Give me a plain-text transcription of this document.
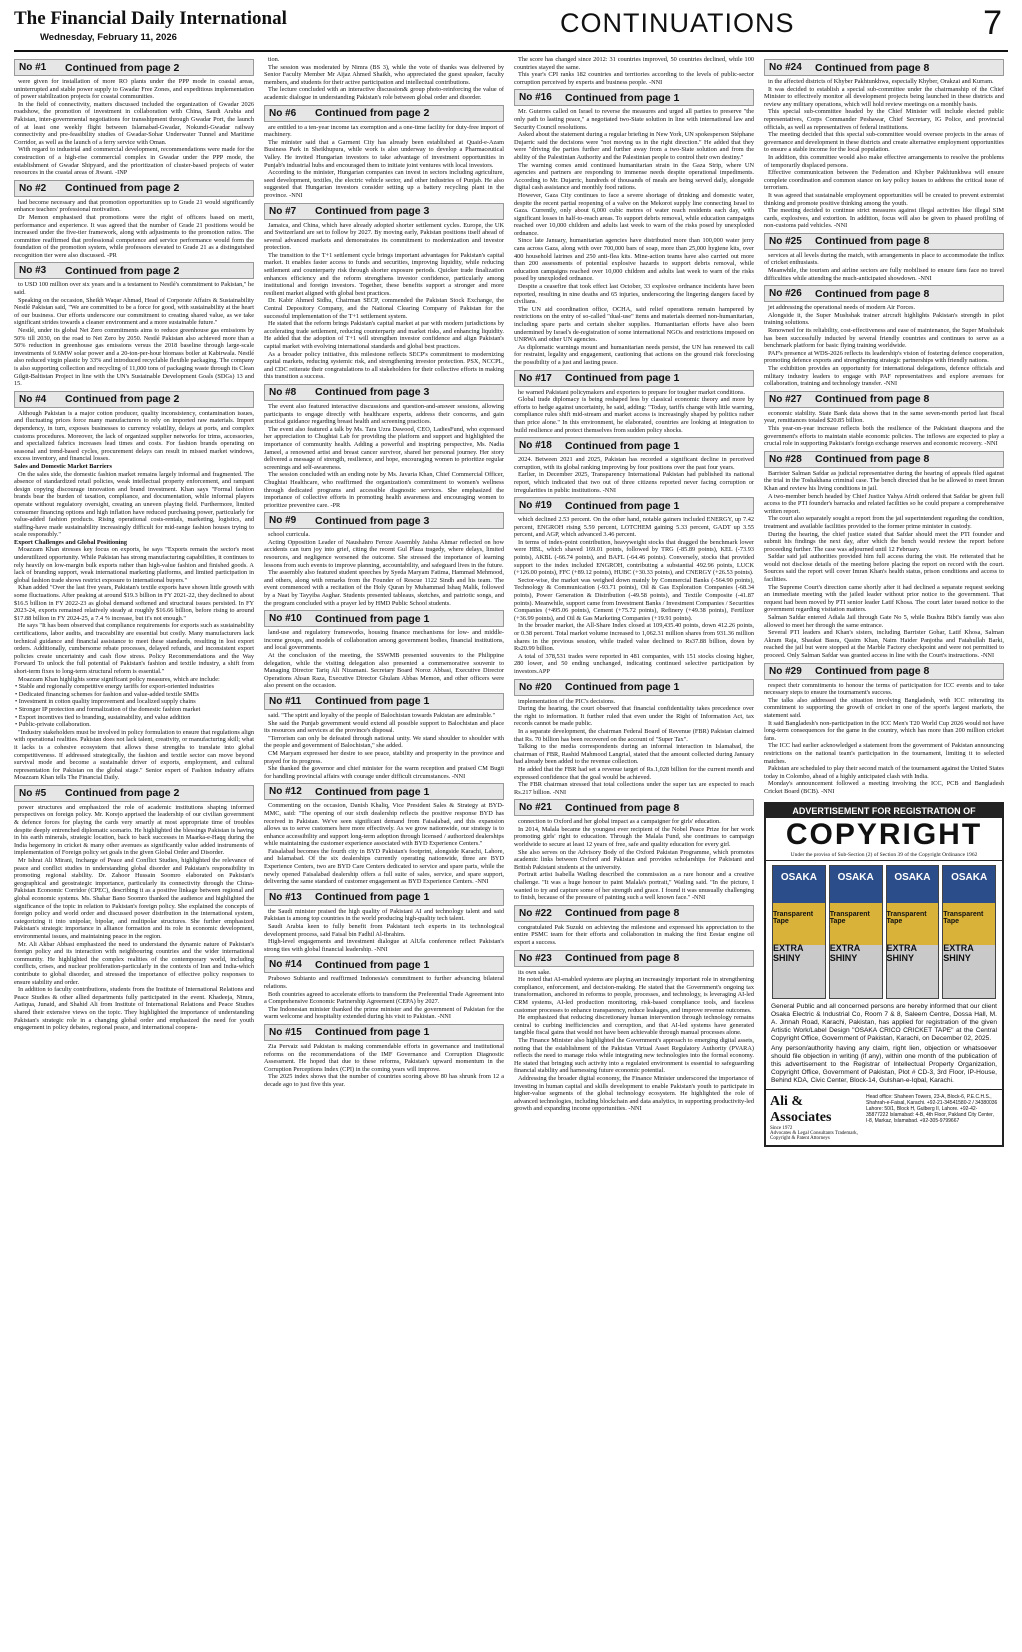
The Financial Daily International
Wednesday, February 11, 2026	CONTINUATIONS	7
No #1	Continued from page 2

were given for installation of more RO plants under the PPP mode in coastal areas, uninterrupted and stable power supply to Gwadar Free Zones, and expeditious implementation of power stabilization projects for coastal communities.

In the field of connectivity, matters discussed included the organization of Gwadar 2026 roadshow, the promotion of investment in collaboration with China, Saudi Arabia and Pakistan, inter-governmental negotiations for transshipment through Gwadar Port, the launch of at least one weekly flight between Islamabad-Gwadar, Nokundi-Gwadar railway connectivity and pre-feasibility studies of Gwadar-Sohar Underwater Tunnel and Maritime Corridor, as well as the launch of a ferry service with Oman.

With regard to industrial and commercial development, recommendations were made for the construction of a high-rise commercial complex in Gwadar under the PPP mode, the establishment of Gwadar Shipyard, and the prioritization of cluster-based projects of water resources in the coastal areas of Jiwani. -INP

No #2	Continued from page 2

had become necessary and that promotion opportunities up to Grade 21 would significantly enhance teachers' professional motivation.

Dr Memon emphasised that promotions were the right of officers based on merit, performance and experience. It was agreed that the number of Grade 21 positions would be increased under the five-tier framework, along with adjustments to the promotion ratios. The committee reaffirmed that professional competence and service performance would form the foundation of the promotion system, while professors elevated to Grade 21 as a distinguished recognition tier were also discussed. -PR

No #3	Continued from page 2

to USD 100 million over six years and is a testament to Nestlé's commitment to Pakistan," he said.

Speaking on the occasion, Sheikh Waqar Ahmad, Head of Corporate Affairs & Sustainability Nestlé Pakistan said, "We are committed to be a force for good, with sustainability at the heart of our business. Our efforts underscore our commitment to creating shared value, as we take significant strides towards a cleaner environment and a more sustainable future."

Nestlé, under its global Net Zero commitments aims to reduce greenhouse gas emissions by 50% till 2030, on the road to Net Zero by 2050. Nestlé Pakistan also achieved more than a 50% reduction in greenhouse gas emissions versus the 2018 baseline through large-scale investments of 9.6MW solar power and a 20-ton-per-hour biomass boiler at Kabirwala. Nestlé also reduced virgin plastic by 33% and introduced recyclable flexible packaging. The company is also supporting collection and recycling of 11,000 tons of packaging waste through its Clean Gilgit-Baltistan Project in line with the UN's Sustainable Development Goals (SDGs) 13 and 15.

No #4	Continued from page 2

Although Pakistan is a major cotton producer, quality inconsistency, contamination issues, and fluctuating prices force many manufacturers to rely on imported raw materials. Import dependency, in turn, exposes businesses to currency volatility, delays at ports, and complex customs procedures. Moreover, the lack of organized supplier networks for trims, accessories, and specialized fabrics increases lead times and costs. For fashion brands operating on seasonal and trend-based cycles, procurement delays can result in missed market windows, excess inventory, and financial losses.

Sales and Domestic Market Barriers

On the sales side, the domestic fashion market remains largely informal and fragmented. The absence of standardized retail policies, weak intellectual property enforcement, and rampant design copying discourage innovation and brand investment. Khan says "Formal fashion brands bear the burden of taxation, compliance, and documentation, while informal players operate without regulatory oversight, creating an uneven playing field. Furthermore, limited consumer financing options and high inflation have reduced purchasing power, particularly for value-added fashion products. Rising operational costs-rentals, marketing, logistics, and staffing-have made sustainability increasingly difficult for mid-range fashion houses trying to scale responsibly."

Export Challenges and Global Positioning

Moazzam Khan stresses key focus on exports, he says "Exports remain the sector's most underutilized opportunity. While Pakistan has strong manufacturing capabilities, it continues to rely heavily on low-margin bulk exports rather than high-value fashion and finished goods. A lack of branding support, weak international marketing platforms, and limited participation in global fashion trade shows restrict exposure to international buyers."

Khan added "Over the last five years, Pakistan's textile exports have shown little growth with some fluctuations. After peaking at around $19.3 billion in FY 2021-22, they declined to about $16.5 billion in FY 2022-23 as global demand softened and structural issues persisted. In FY 2023-24, exports remained relatively steady at roughly $16.66 billion, before rising to around $17.88 billion in FY 2024-25, a 7.4 % increase, but it's not enough."

He says "It has been observed that compliance requirements for exports such as sustainability certifications, labor audits, and traceability are essential but costly. Many manufacturers lack technical guidance and financial assistance to meet these standards, resulting in lost export orders. Additionally, cumbersome rebate processes, delayed refunds, and inconsistent export policies create uncertainty and cash flow stress. Policy Recommendations and the Way Forward To unlock the full potential of Pakistan's fashion and textile industry, a shift from short-term fixes to long-term structural reform is essential."

Moazzam Khan highlights some significant policy measures, which are include:

• Stable and regionally competitive energy tariffs for export-oriented industries

• Dedicated financing schemes for fashion and value-added textile SMEs

• Investment in cotton quality improvement and localized supply chains

• Stronger IP protection and formalization of the domestic fashion market

• Export incentives tied to branding, sustainability, and value addition

• Public-private collaboration.

"Industry stakeholders must be involved in policy formulation to ensure that regulations align with operational realities. Pakistan does not lack talent, creativity, or manufacturing skill; what it lacks is a cohesive ecosystem that allows these strengths to translate into global competitiveness. If addressed strategically, the fashion and textile sector can move beyond survival mode and become a sustainable driver of exports, employment, and cultural representation for Pakistan on the global stage." Senior expert of Fashion industry affairs Moazzam Khan tells The Financial Daily.

No #5	Continued from page 2

power structures and emphasized the role of academic institutions shaping informed perspectives on foreign policy. Mr. Korejo apprised the leadership of our civilian government & defence forces for playing the cards very smartly at most appropriate time of troubles despite deeply entrenched diplomatic scenario. He highlighted the blessings Pakistan is having in his earth minerals, strategic location, back to back successes in Maarka-e-Haqq during the India hegemony in cricket & many other avenues as significantly value added instruments of implementation of Foreign policy set goals in the given Global Order and Disorder.

Mr Ishrat Ali Mirani, Incharge of Peace and Conflict Studies, highlighted the relevance of peace and conflict studies in understanding global disorder and Pakistan's responsibility in promoting regional stability. Dr. Zahoor Hussain Soomro elaborated on Pakistan's geographical and geostrategic importance, particularly its connectivity through the China-Pakistan Economic Corridor (CPEC), describing it as a positive linkage between regional and global economic systems. Ms. Shahar Bano Soomro thanked the audience and highlighted the significance of the topic in relation to Pakistan's foreign policy. She explained the concepts of foreign policy and world order and discussed power distribution in the international system, categorizing it into unipolar, bipolar, and multipolar structures. She further emphasized Pakistan's strategic importance in alliance formation and its role in economic development, environmental issues, and maintaining peace in the region.

Mr. Ali Akbar Abbasi emphasized the need to understand the dynamic nature of Pakistan's foreign policy and its interaction with neighbouring countries and the wider international community. He highlighted the complex realities of the contemporary world, including conflicts, crises, and nuclear proliferation-particularly in the contexts of Iran and India-which contribute to global disorder, and stressed the importance of effective policy responses to ensure stability and order.

In addition to faculty contributions, students from the Institute of International Relations and Peace Studies & other allied departments fully participated in the event. Khadeeja, Nimra, Aatiqua, Junaid, and Shahid Ali from Institute of International Relations and Peace Studies shared their extensive views on the topic. They highlighted the importance of understanding Pakistan's strategic role in a changing global order and emphasized the need for youth engagement in policy debates, regional peace, and international coopera-

tion.

The session was moderated by Nimra (BS 3), while the vote of thanks was delivered by Senior Faculty Member Mr Aijaz Ahmed Shaikh, who appreciated the guest speaker, faculty members, and students for their active participation and intellectual contributions.

The lecture concluded with an interactive discussion& group photo-reinforcing the value of academic dialogue in understanding Pakistan's role between global order and disorder.

No #6	Continued from page 2

are entitled to a ten-year income tax exemption and a one-time facility for duty-free import of machinery.

The minister said that a Garment City has already been established at Quaid-e-Azam Business Park in Sheikhupura, while work is also underway to develop a Pharmaceutical Valley. He invited Hungarian investors to take advantage of investment opportunities in Punjab's industrial hubs and encouraged them to initiate joint ventures with local investors.

According to the minister, Hungarian companies can invest in sectors including agriculture, seed development, textiles, the electric vehicle sector, and other industries of Punjab. He also suggested that Hungarian investors consider setting up a battery recycling plant in the province. -NNI

No #7	Continued from page 3

Jamaica, and China, which have already adopted shorter settlement cycles. Europe, the UK and Switzerland are set to follow by 2027. By moving early, Pakistan positions itself ahead of several advanced markets and demonstrates its commitment to modernization and investor protection.

The transition to the T+1 settlement cycle brings important advantages for Pakistan's capital market. It enables faster access to funds and securities, improving liquidity, while reducing settlement and counterparty risk through shorter exposure periods. Quicker trade finalization enhances efficiency and the reform strengthens investor confidence, particularly among institutional and foreign investors. Together, these benefits support a stronger and more resilient market aligned with global best practices.

Dr. Kabir Ahmed Sidhu, Chairman SECP, commended the Pakistan Stock Exchange, the Central Depository Company, and the National Clearing Company of Pakistan for the successful implementation of the T+1 settlement system.

He stated that the reform brings Pakistan's capital market at par with modern jurisdictions by accelerating trade settlement, reducing counterparty and market risks, and enhancing liquidity. He added that the adoption of T+1 will strengthen investor confidence and align Pakistan's capital market with evolving international standards and global best practices.

As a broader policy initiative, this milestone reflects SECP's commitment to modernizing capital markets, reducing systemic risk, and strengthening investor protection. PSX, NCCPL, and CDC reiterate their congratulations to all stakeholders for their collective efforts in making this transition a success.

No #8	Continued from page 3

The event also featured interactive discussions and question-and-answer sessions, allowing participants to engage directly with healthcare experts, address their concerns, and gain practical guidance regarding breast health and screening practices.

The event also featured a talk by Ms. Tara Uzra Dawood, CEO, LadiesFund, who expressed her appreciation to Chughtai Lab for providing the platform and support and highlighted the importance of community health. Adding a powerful and inspiring perspective, Ms. Nadia Jameel, a renowned artist and breast cancer survivor, shared her personal journey. Her story delivered a message of strength, resilience, and hope, encouraging women to prioritize regular screenings and self-awareness.

The session concluded with an ending note by Ms. Javaria Khan, Chief Commercial Officer, Chughtai Healthcare, who reaffirmed the organization's commitment to women's wellness through dedicated programs and accessible diagnostic services. She emphasized the importance of collective efforts in promoting health awareness and encouraging women to prioritize preventive care. -PR

No #9	Continued from page 3

school curricula.

Acting Opposition Leader of Naushahro Feroze Assembly Jaisha Ahmar reflected on how accidents can turn joy into grief, citing the recent Gul Plaza tragedy, where delays, limited resources, and negligence worsened the outcome. She stressed the importance of learning lessons from such events to improve planning, accountability, and safeguard lives in the future.

The assembly also featured student speeches by Syeda Maryam Fatima, Hammad Mehmood, and others, along with remarks from the Founder of Rescue 1122 Sindh and his team. The event commenced with a recitation of the Holy Quran by Muhammad Ishaq Malik, followed by a Naat by Tayyiba Asghar. Students presented tableaus, sketches, and patriotic songs, and the program concluded with a prayer led by HMD Public School students.

No #10	Continued from page 1

land-use and regulatory frameworks, housing finance mechanisms for low- and middle-income groups, and models of collaboration among government bodies, financial institutions, and local governments.

At the conclusion of the meeting, the SSWMB presented souvenirs to the Philippine delegation, while the visiting delegation also presented a commemorative souvenir to Managing Director Tariq Ali Nizamani. Secretary Board Noroz Abbasi, Executive Director Operations Ahsan Raza, Executive Director Ghulam Abbas Memon, and other officers were also present on the occasion.

No #11	Continued from page 1

said. "The spirit and loyalty of the people of Balochistan towards Pakistan are admirable."

She said the Punjab government would extend all possible support to Balochistan and place its resources and services at the province's disposal.

"Terrorism can only be defeated through national unity. We stand shoulder to shoulder with the people and government of Balochistan," she added.

CM Maryam expressed her desire to see peace, stability and prosperity in the province and prayed for its progress.

She thanked the governor and chief minister for the warm reception and praised CM Bugti for handling provincial affairs with courage under difficult circumstances. -NNI

No #12	Continued from page 1

Commenting on the occasion, Danish Khaliq, Vice President Sales & Strategy at BYD-MMC, said: "The opening of our sixth dealership reflects the positive response BYD has received in Pakistan. We've seen significant demand from Faisalabad, and this expansion allows us to serve customers here more effectively. As we grow nationwide, our strategy is to enhance accessibility and support long-term adoption through licensed / authorized dealerships while maintaining the customer experience associated with BYD Experience Centers."

Faisalabad becomes the fourth city in BYD Pakistan's footprint, alongside Karachi, Lahore, and Islamabad. Of the six dealerships currently operating nationwide, three are BYD Experience Centers, two are BYD Care Centers dedicated to service and spare parts, while the newly opened Faisalabad dealership offers a full suite of sales, service, and spare support, delivering the same standard of customer engagement as BYD Experience Centers. -NNI

No #13	Continued from page 1

the Saudi minister praised the high quality of Pakistani AI and technology talent and said Pakistan is among top countries in the world producing high-quality tech talent.

Saudi Arabia keen to fully benefit from Pakistani tech experts in its technological development process, said Faisal bin Fadhil Al-Ibrahim.

High-level engagements and investment dialogue at AlUla conference reflect Pakistan's strong ties with global financial leadership. -NNI

No #14	Continued from page 1

Prabowo Subianto and reaffirmed Indonesia's commitment to further advancing bilateral relations.

Both countries agreed to accelerate efforts to transform the Preferential Trade Agreement into a Comprehensive Economic Partnership Agreement (CEPA) by 2027.

The Indonesian minister thanked the prime minister and the government of Pakistan for the warm welcome and hospitality extended during his visit to Pakistan. -NNI

No #15	Continued from page 1

Zia Pervaiz said Pakistan is making commendable efforts in governance and institutional reforms on the recommendations of the IMF Governance and Corruption Diagnostic Assessment. He hoped that due to these reforms, Pakistan's upward momentum in the Corruption Perceptions Index (CPI) in the coming years will improve.

The 2025 index shows that the number of countries scoring above 80 has shrunk from 12 a decade ago to just five this year.

The score has changed since 2012: 31 countries improved, 50 countries declined, while 100 countries stayed the same.

This year's CPI ranks 182 countries and territories according to the levels of public-sector corruption perceived by experts and business people. -NNI

No #16	Continued from page 1

Mr. Guterres called on Israel to reverse the measures and urged all parties to preserve "the only path to lasting peace," a negotiated two-State solution in line with international law and Security Council resolutions.

Asked about the statement during a regular briefing in New York, UN spokesperson Stéphane Dujarric said the decisions were "not moving us in the right direction." He added that they were "driving the parties further and further away from a two-State solution and from the ability of the Palestinian Authority and the Palestinian people to control their own destiny."

The warning comes amid continued humanitarian strain in the Gaza Strip, where UN agencies and partners are responding to immense needs despite operational impediments. According to Mr. Dujarric, hundreds of thousands of meals are being served daily, alongside digital cash assistance and monthly food rations.

However, Gaza City continues to face a severe shortage of drinking and domestic water, despite the recent partial reopening of a valve on the Mekorot supply line connecting Israel to Gaza. Currently, only about 6,000 cubic metres of water reach residents each day, with significant losses in half-to-reach areas. To support debris removal, while education campaigns reached over 10,000 children and adults last week to warn of the risks posed by unexploded ordnance.

Since late January, humanitarian agencies have distributed more than 100,000 water jerry cans across Gaza, along with over 700,000 bars of soap, more than 25,000 hygiene kits, over 400 household latrines and 250 anti-flea kits. Mine-action teams have also carried out more than 200 assessments of potential explosive hazards to support debris removal, while education campaigns reached over 10,000 children and adults last week to warn of the risks posed by unexploded ordnance.

Despite a ceasefire that took effect last October, 33 explosive ordnance incidents have been reported, resulting in nine deaths and 65 injuries, underscoring the lingering dangers faced by civilians.

The UN aid coordination office, OCHA, said relief operations remain hampered by restrictions on the entry of so-called "dual-use" items and materials deemed non-humanitarian, including spare parts and certain shelter supplies. Humanitarian efforts have also been undermined by Israel's de-registration of some international NGOs and restrictions imposed on UNRWA and other UN agencies.

As diplomatic warnings mount and humanitarian needs persist, the UN has renewed its call for restraint, legality and engagement, cautioning that actions on the ground risk foreclosing the possibility of a just and lasting peace.

No #17	Continued from page 1

he warned Pakistani policymakers and exporters to prepare for tougher market conditions.

Global trade diplomacy is being reshaped less by classical economic theory and more by efforts to hedge against uncertainty, he said, adding: "Today, tariffs change with little warning, compliance rules shift mid-stream and market access is increasingly shaped by politics rather than price alone." In this environment, he elaborated, countries are looking at integration to build resilience and protect themselves from sudden policy shocks.

No #18	Continued from page 1

2024. Between 2021 and 2025, Pakistan has recorded a significant decline in perceived corruption, with its global ranking improving by four positions over the past four years.

Earlier, in December 2025, Transparency International Pakistan had published its national report, which indicated that two out of three citizens reported never facing corruption or irregularities in public institutions. -NNI

No #19	Continued from page 1

which declined 2.53 percent. On the other hand, notable gainers included ENERGY, up 7.42 percent, ENGROH rising 5.59 percent, LOTCHEM gaining 5.33 percent, GADT up 3.55 percent, and AGP, which advanced 3.46 percent.

In terms of index-point contribution, heavyweight stocks that dragged the benchmark lower were HBL, which shaved 169.01 points, followed by TRG (-85.89 points), KEL (-73.93 points), AKBL (-66.74 points), and BAFL (-64.46 points). Conversely, stocks that provided support to the index included ENGROH, contributing a substantial 492.96 points, LUCK (+126.00 points), FFC (+89.12 points), HUBC (+30.33 points), and CNERGY (+26.53 points).

Sector-wise, the market was weighed down mainly by Commercial Banks (-564.90 points), Technology & Communication (-93.71 points), Oil & Gas Exploration Companies (-68.34 points), Power Generation & Distribution (-49.58 points), and Textile Composite (-41.87 points). Meanwhile, support came from Investment Banks / Investment Companies / Securities Companies (+495.06 points), Cement (+75.72 points), Refinery (+49.38 points), Fertilizer (+36.99 points), and Oil & Gas Marketing Companies (+19.91 points).

In the broader market, the All-Share Index closed at 109,435.40 points, down 412.26 points, or 0.38 percent. Total market volume increased to 1,062.31 million shares from 931.36 million shares in the previous session, while traded value declined to Rs37.88 billion, down by Rs20.99 billion.

A total of 378,531 trades were reported in 481 companies, with 151 stocks closing higher, 280 lower, and 50 ending unchanged, indicating continued selective participation by investors.APP

No #20	Continued from page 1

implementation of the PIC's decisions.

During the hearing, the court observed that financial confidentiality takes precedence over the right to information. It further ruled that even under the Right of Information Act, tax records cannot be made public.

In a separate development, the chairman Federal Board of Revenue (FBR) Pakistan claimed that Rs. 70 billion has been recovered on the account of "Super Tax".

Talking to the media correspondents during an informal interaction in Islamabad, the chairman of FBR, Rashid Mahmood Langrial, stated that the amount collected during January had already been added to the revenue collection.

He added that the FBR had set a revenue target of Rs.1,028 billion for the current month and expressed confidence that the goal would be achieved.

The FBR chairman stressed that total collections under the super tax are expected to reach Rs.217 billion. -NNI

No #21	Continued from page 8

connection to Oxford and her global impact as a campaigner for girls' education.

In 2014, Malala became the youngest ever recipient of the Nobel Peace Prize for her work promoting girls' right to education. Through the Malala Fund, she continues to campaign worldwide to secure at least 12 years of free, safe and quality education for every girl.

She also serves on the Advisory Body of the Oxford Pakistan Programme, which promotes academic links between Oxford and Pakistan and provides scholarships for Pakistani and British Pakistani students at the university.

Portrait artist Isabella Watling described the commission as a rare honour and a creative challenge. "It was a huge honour to paint Malala's portrait," Watling said. "In the picture, I wanted to try and capture some of her strength and grace. I found it was unusually challenging to finish, because of the pressure of painting such a well known face." -NNI

No #22	Continued from page 8

congratulated Pak Suzuki on achieving the milestone and expressed his appreciation to the entire PSMC team for their efforts and collaboration in making the first Eestar engine oil export a success.

No #23	Continued from page 8

its own sake.

He noted that AI-enabled systems are playing an increasingly important role in strengthening compliance, enforcement, and decision-making. He stated that the Government's ongoing tax transformation, anchored in reforms to people, processes, and technology, is leveraging AI-led CRM systems, AI-led production monitoring, risk-based compliance tools, and faceless customer processes to enhance transparency, reduce leakages, and improve revenue outcomes.

He emphasized that reducing discretionary human intervention through technology remains central to curbing inefficiencies and corruption, and that AI-led systems have generated tangible fiscal gains that would not have been achievable through manual processes alone.

The Finance Minister also highlighted the Government's approach to emerging digital assets, noting that the establishment of the Pakistan Virtual Asset Regulatory Authority (PVARA) reflects the need to manage risks while integrating new technologies into the formal economy. He stated that bringing such activity into a regulated environment is essential to safeguarding financial stability and harnessing future economic potential.

Addressing the broader digital economy, the Finance Minister underscored the importance of investing in human capital and skills development to enable Pakistan's youth to participate in higher-value segments of the global technology ecosystem. He highlighted the role of advanced technologies, including blockchain and data analytics, in supporting productivity-led growth and expanding income opportunities. -NNI

No #24	Continued from page 8

in the affected districts of Khyber Pakhtunkhwa, especially Khyber, Orakzai and Kurram.

It was decided to establish a special sub-committee under the chairmanship of the Chief Minister to effectively monitor all development projects being launched in these districts and review any military operations, which will hold review meetings on a monthly basis.

This special sub-committee headed by the Chief Minister will include elected public representatives, Corps Commander Peshawar, Chief Secretary, IG Police, and provincial officials, as well as representatives of federal institutions.

The meeting decided that this special sub-committee would oversee projects in the areas of governance and development in these districts and create alternative employment opportunities to ensure a stable income for the local population.

In addition, this committee would also make effective arrangements to resolve the problems of temporarily displaced persons.

Effective communication between the Federation and Khyber Pakhtunkhwa will ensure complete coordination and common stance on key policy issues to address the critical issue of terrorism.

It was agreed that sustainable employment opportunities will be created to prevent extremist thinking and promote positive thinking among the youth.

The meeting decided to continue strict measures against illegal activities like illegal SIM cards, explosives, and extortion. In addition, focus will also be given to phased profiling of non-customs paid vehicles. -NNI

No #25	Continued from page 8

services at all levels during the match, with arrangements in place to accommodate the influx of cricket enthusiasts.

Meanwhile, the tourism and airline sectors are fully mobilised to ensure fans face no travel difficulties while attending the much-anticipated showdown. -NNI

No #26	Continued from page 8

jet addressing the operational needs of modern Air Forces.

Alongside it, the Super Mushshak trainer aircraft highlights Pakistan's strength in pilot training solutions.

Renowned for its reliability, cost-effectiveness and ease of maintenance, the Super Mushshak has been successfully inducted by several friendly countries and continues to serve as a benchmark platform for basic flying training worldwide.

PAF's presence at WDS-2026 reflects its leadership's vision of fostering defence cooperation, promoting defence exports and strengthening strategic partnerships with friendly nations.

The exhibition provides an opportunity for international delegations, defence officials and military industry leaders to engage with PAF representatives and explore avenues for collaboration, training and technology transfer. -NNI

No #27	Continued from page 8

economic stability. State Bank data shows that in the same seven-month period last fiscal year, remittances totaled $20.85 billion.

This year-on-year increase reflects both the resilience of the Pakistani diaspora and the government's efforts to maintain stable economic policies. The inflows are expected to play a crucial role in supporting Pakistan's foreign exchange reserves and economic recovery. -NNI

No #28	Continued from page 8

Barrister Salman Safdar as judicial representative during the hearing of appeals filed against the trial in the Toshakhana criminal case. The bench directed that he be allowed to meet Imran Khan and review his living conditions in jail.

A two-member bench headed by Chief Justice Yahya Afridi ordered that Safdar be given full access to the PTI founder's barracks and related facilities so he could prepare a comprehensive written report.

The court also separately sought a report from the jail superintendent regarding the condition, treatment and available facilities provided to the former prime minister in custody.

During the hearing, the chief justice stated that Safdar should meet the PTI founder and submit his findings the next day, after which the bench would review the report before proceeding further. The case was adjourned until 12 February.

Safdar said jail authorities provided him full access during the visit. He reiterated that he would not disclose details of the meeting before placing the report on record with the court. Sources said the report will cover Imran Khan's health status, prison conditions and access to facilities.

The Supreme Court's direction came shortly after it had declined a separate request seeking an immediate meeting with the jailed leader without prior notice to the government. That request had been moved by PTI senior leader Latif Khosa. The court later issued notice to the government regarding visitation matters.

Salman Safdar entered Adiala Jail through Gate No 5, while Bushra Bibi's family was also allowed to meet her through the same entrance.

Several PTI leaders and Khan's sisters, including Barrister Gohar, Latif Khosa, Salman Akram Raja, Shaukat Basra, Qasim Khan, Naim Haider Panjotha and Fatahullah Barki, reached the jail but were stopped at the Marble Factory checkpoint and were not permitted to proceed. Only Salman Safdar was granted access in line with the Court's instructions. -NNI

No #29	Continued from page 8

respect their commitments to honour the terms of participation for ICC events and to take necessary steps to ensure the tournament's success.

The talks also addressed the situation involving Bangladesh, with ICC reiterating its commitment to supporting the growth of cricket in one of the sport's largest markets, the statement said.

It said Bangladesh's non-participation in the ICC Men's T20 World Cup 2026 would not have long-term consequences for the game in the country, which has more than 200 million cricket fans.

The ICC had earlier acknowledged a statement from the government of Pakistan announcing restrictions on the national team's participation in the tournament, limiting it to selected matches.

Pakistan are scheduled to play their second match of the tournament against the United States today in Colombo, ahead of a highly anticipated clash with India.

Monday's announcement followed a meeting involving the ICC, PCB and Bangladesh Cricket Board (BCB). -NNI

ADVERTISEMENT FOR REGISTRATION OF
COPYRIGHT
Under the proviso of Sub-Section (2) of Section 39 of the Copyright Ordinance 1962
OSAKA
Transparent Tape
EXTRA SHINY
OSAKA
Transparent Tape
EXTRA SHINY
OSAKA
Transparent Tape
EXTRA SHINY
OSAKA
Transparent Tape
EXTRA SHINY

General Public and all concerned persons are hereby informed that our client Osaka Electric & Industrial Co, Room 7 & 8, Saleem Centre, Dossa Hall, M. A. Jinnah Road, Karachi, Pakistan, has applied for registration of the given Artistic Work/Label Design "OSAKA CRICO CRICKET TAPE" at the Central Copyright Office, Government of Pakistan, Karachi, on December 02, 2025.

Any person/authority having any claim, right lien, objection or whatsoever should file objection in writing (if any), within one month of the publication of this advertisement to the Registrar of Intellectual Property Organization, Copyright Office, Government of Pakistan, Plot # CD-3, 3rd Floor, IP-House, Behind KDA, Civic Center, Block-14, Gulshan-e-Iqbal, Karachi.

Ali & Associates
Since 1972
Advocates & Legal Consultants Trademark, Copyright & Patent Attorneys
Head office: Shaheen Towers, 23-A, Block-6, P.E.C.H.S., Shahrah-e-Faisal, Karachi. +92-21-34541580-2 / 34380036 Lahore: 50/1, Block H, Gulberg II, Lahore. +92-42-35877222 Islamabad: 4-B, 4th Floor, Pakland City Center, I-8, Markaz, Islamabad. +92-305-9799667
